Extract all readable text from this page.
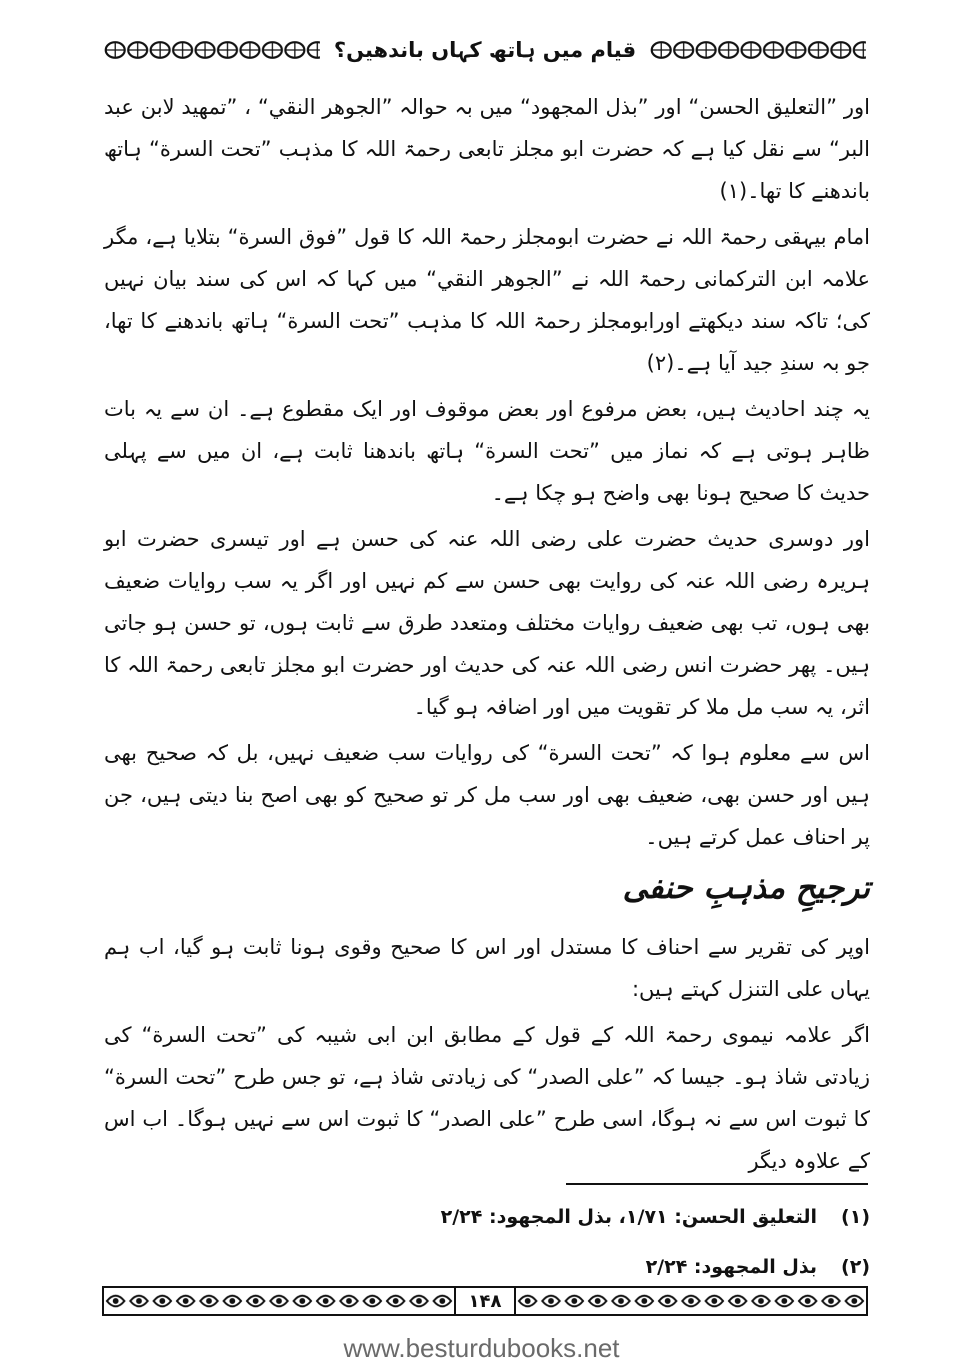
قیام میں ہاتھ کہاں باندھیں؟

اور ”التعليق الحسن“ اور ”بذل المجهود“ میں بہ حوالہ ”الجوهر النقي“ ، ”تمهيد لابن عبد البر“ سے نقل کیا ہے کہ حضرت ابو مجلز تابعی رحمۃ اللہ کا مذہب ”تحت السرة“ ہاتھ باندھنے کا تھا۔(۱)

امام بیہقی رحمۃ اللہ نے حضرت ابومجلز رحمۃ اللہ کا قول ”فوق السرة“ بتلایا ہے، مگر علامہ ابن الترکمانی رحمۃ اللہ نے ”الجوهر النقي“ میں کہا کہ اس کی سند بیان نہیں کی؛ تاکہ سند دیکھتے اورابومجلز رحمۃ اللہ کا مذہب ”تحت السرة“ ہاتھ باندھنے کا تھا، جو بہ سندِ جید آیا ہے۔(۲)

یہ چند احادیث ہیں، بعض مرفوع اور بعض موقوف اور ایک مقطوع ہے۔ ان سے یہ بات ظاہر ہوتی ہے کہ نماز میں ”تحت السرة“ ہاتھ باندھنا ثابت ہے، ان میں سے پہلی حدیث کا صحیح ہونا بھی واضح ہو چکا ہے۔

اور دوسری حدیث حضرت علی رضی اللہ عنہ کی حسن ہے اور تیسری حضرت ابو ہریرہ رضی اللہ عنہ کی روایت بھی حسن سے کم نہیں اور اگر یہ سب روایات ضعیف بھی ہوں، تب بھی ضعیف روایات مختلف ومتعدد طرق سے ثابت ہوں، تو حسن ہو جاتی ہیں۔ پھر حضرت انس رضی اللہ عنہ کی حدیث اور حضرت ابو مجلز تابعی رحمۃ اللہ کا اثر، یہ سب مل ملا کر تقویت میں اور اضافہ ہو گیا۔

اس سے معلوم ہوا کہ ”تحت السرة“ کی روایات سب ضعیف نہیں، بل کہ صحیح بھی ہیں اور حسن بھی، ضعیف بھی اور سب مل کر تو صحیح کو بھی اصح بنا دیتی ہیں، جن پر احناف عمل کرتے ہیں۔

ترجیحِ مذہبِ حنفی

اوپر کی تقریر سے احناف کا مستدل اور اس کا صحیح وقوی ہونا ثابت ہو گیا، اب ہم یہاں علی التنزل کہتے ہیں:

اگر علامہ نیموی رحمۃ اللہ کے قول کے مطابق ابن ابی شیبہ کی ”تحت السرة“ کی زیادتی شاذ ہو۔ جیسا کہ ”علی الصدر“ کی زیادتی شاذ ہے، تو جس طرح ”تحت السرة“ کا ثبوت اس سے نہ ہوگا، اسی طرح ”علی الصدر“ کا ثبوت اس سے نہیں ہوگا۔ اب اس کے علاوہ دیگر

(۱)
التعليق الحسن: ۱/۷۱، بذل المجهود: ۲/۲۴
(۲)
بذل المجهود: ۲/۲۴
۱۴۸
www.besturdubooks.net
